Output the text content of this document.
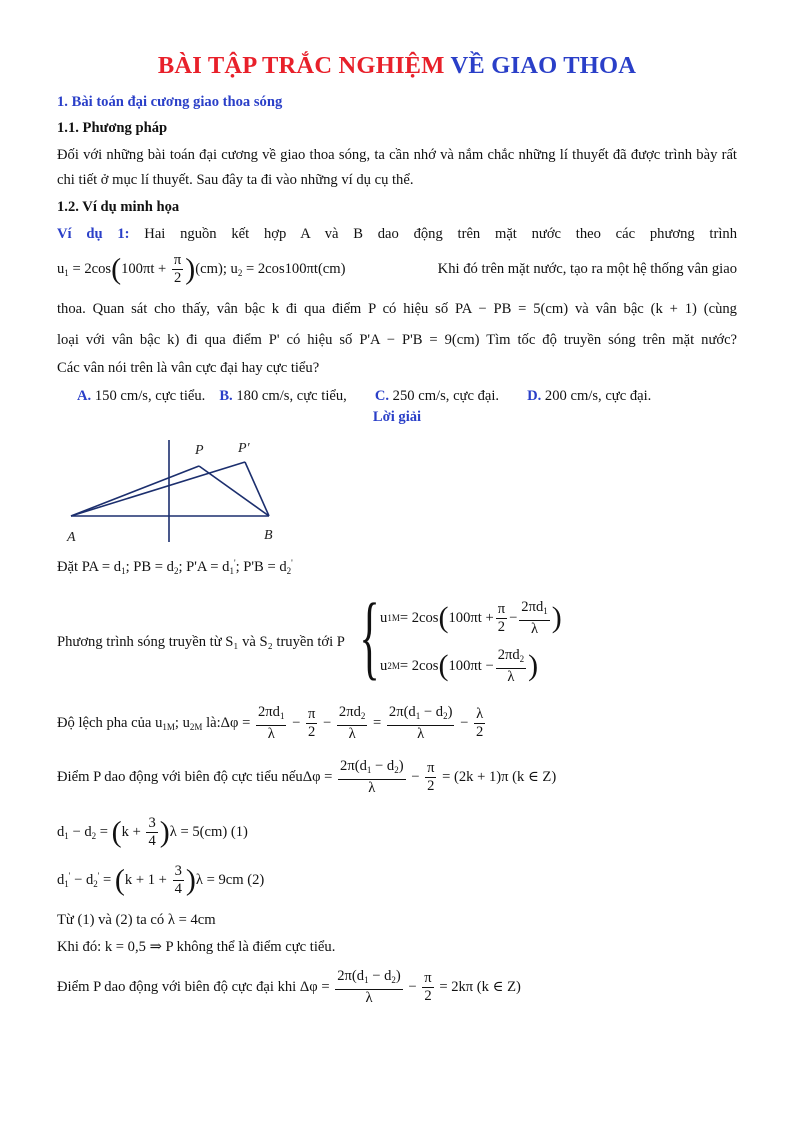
BÀI TẬP TRẮC NGHIỆM VỀ GIAO THOA
1. Bài toán đại cương giao thoa sóng
1.1. Phương pháp

Đối với những bài toán đại cương về giao thoa sóng, ta cần nhớ và nắm chắc những lí thuyết đã được trình bày rất chi tiết ở mục lí thuyết. Sau đây ta đi vào những ví dụ cụ thể.

1.2. Ví dụ minh họa

Ví dụ 1: Hai nguồn kết hợp A và B dao động trên mặt nước theo các phương trình

$u_1 = 2\cos(100\pi t + \frac{\pi}{2} )(cm)$; $u_2 = 2\cos 100\pi t(cm)$	Khi đó trên mặt nước, tạo ra một hệ thống vân giao

thoa. Quan sát cho thấy, vân bậc k đi qua điểm P có hiệu số PA − PB = 5(cm) và vân bậc (k + 1) (cùng

loại với vân bậc k) đi qua điểm P' có hiệu số P'A − P'B = 9(cm) Tìm tốc độ truyền sóng trên mặt nước?

Các vân nói trên là vân cực đại hay cực tiểu?

A. 150 cm/s, cực tiểu. B. 180 cm/s, cực tiểu, C. 250 cm/s, cực đại. D. 200 cm/s, cực đại.
Lời giải
P P′
A	B

Đặt PA = $d_1$; PB = $d_2$; $P'A = d_1'$; $P'B = d_2'$

Phương trình sóng truyền từ S₁ và S₂ truyền tới P { u 1M = 2cos ( $100\pi t + \frac{\pi}{2} - \frac{2\pi d_1}{\lambda}$ )
u 2M = 2cos ( $100\pi t - \frac{2\pi d_2}{\lambda}$ )
Độ lệch pha của
$u_{1M}$; $u_{2M}$
là: $\Delta\varphi = \frac{2\pi d_1}{\lambda} - \frac{\pi}{2} - \frac{2\pi d_2}{\lambda} = \frac{2\pi(d_1 - d_2)}{\lambda} - \frac{\lambda}{2}$
Điểm P dao động với biên độ cực tiểu nếu $\Delta\varphi = \frac{2\pi(d_1 - d_2)}{\lambda} - \frac{\pi}{2} = (2k + 1)\pi$ (k ∈ Z)
$d_1 - d_2 = (k + \frac{3}{4} )\lambda = 5(cm)$ (1)
$d_1' - d_2' = (k + 1 + \frac{3}{4} )\lambda = 9cm$ (2)

Từ (1) và (2) ta có λ = 4cm

Khi đó: k = 0,5 ⇒ P không thể là điểm cực tiểu.

Điểm P dao động với biên độ cực đại khi
$\Delta\varphi = \frac{2\pi(d_1 - d_2)}{\lambda} - \frac{\pi}{2} = 2k\pi$ (k ∈ Z)
